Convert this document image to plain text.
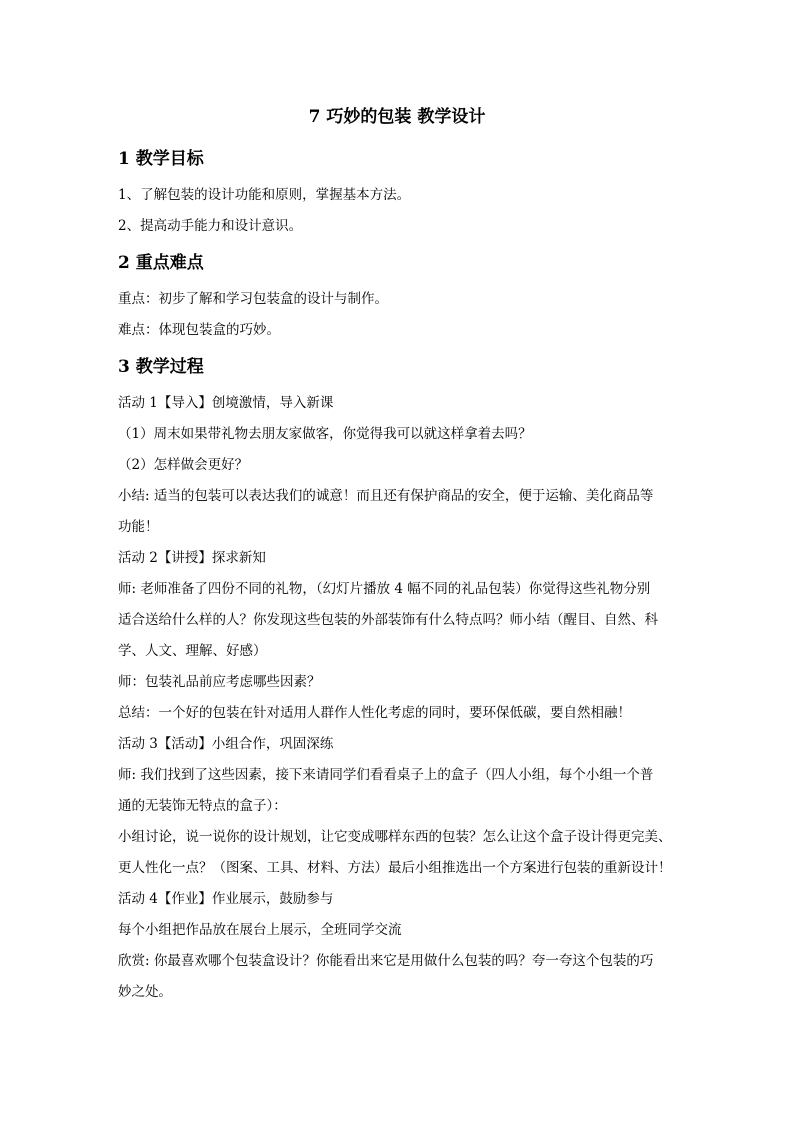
7 巧妙的包装 教学设计
1 教学目标
1、了解包装的设计功能和原则，掌握基本方法。
2、提高动手能力和设计意识。
2 重点难点
重点：初步了解和学习包装盒的设计与制作。
难点：体现包装盒的巧妙。
3 教学过程
活动 1【导入】创境激情，导入新课
（1）周末如果带礼物去朋友家做客，你觉得我可以就这样拿着去吗？
（2）怎样做会更好？
小结: 适当的包装可以表达我们的诚意！而且还有保护商品的安全，便于运输、美化商品等
功能！
活动 2【讲授】探求新知
师: 老师准备了四份不同的礼物，（幻灯片播放 4 幅不同的礼品包装）你觉得这些礼物分别
适合送给什么样的人？你发现这些包装的外部装饰有什么特点吗？师小结（醒目、自然、科
学、人文、理解、好感）
师：包装礼品前应考虑哪些因素？
总结：一个好的包装在针对适用人群作人性化考虑的同时，要环保低碳，要自然相融！
活动 3【活动】小组合作，巩固深练
师: 我们找到了这些因素，接下来请同学们看看桌子上的盒子（四人小组，每个小组一个普
通的无装饰无特点的盒子）：
小组讨论，说一说你的设计规划，让它变成哪样东西的包装？怎么让这个盒子设计得更完美、
更人性化一点？（图案、工具、材料、方法）最后小组推选出一个方案进行包装的重新设计！
活动 4【作业】作业展示，鼓励参与
每个小组把作品放在展台上展示，全班同学交流
欣赏: 你最喜欢哪个包装盒设计？你能看出来它是用做什么包装的吗？夸一夸这个包装的巧
妙之处。
